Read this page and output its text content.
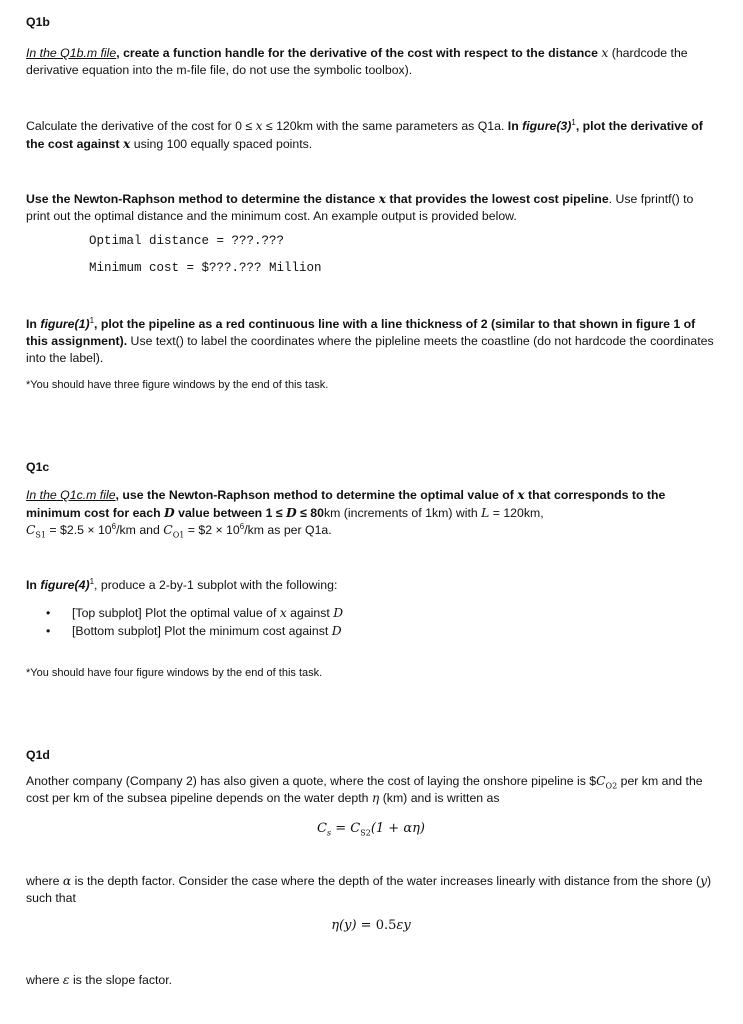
Q1b
In the Q1b.m file, create a function handle for the derivative of the cost with respect to the distance x (hardcode the derivative equation into the m-file file, do not use the symbolic toolbox).
Calculate the derivative of the cost for 0 ≤ x ≤ 120km with the same parameters as Q1a. In $figure(3)^1$, plot the derivative of the cost against x using 100 equally spaced points.
Use the Newton-Raphson method to determine the distance x that provides the lowest cost pipeline. Use fprintf() to print out the optimal distance and the minimum cost. An example output is provided below.
Optimal distance = ???.???
Minimum cost = $???.??? Million
In $figure(1)^1$, plot the pipeline as a red continuous line with a line thickness of 2 (similar to that shown in figure 1 of this assignment). Use text() to label the coordinates where the pipleline meets the coastline (do not hardcode the coordinates into the label).
*You should have three figure windows by the end of this task.
Q1c
In the Q1c.m file, use the Newton-Raphson method to determine the optimal value of x that corresponds to the minimum cost for each D value between 1 ≤ D ≤ 80km (increments of 1km) with L = 120km,
$C_{S1}$ = $2.5 × $10^6/km$ and $C_{O1}$ = $2 × $10^6/km$ as per Q1a.
In $figure(4)^1$, produce a 2-by-1 subplot with the following:
• [Top subplot] Plot the optimal value of x against D
• [Bottom subplot] Plot the minimum cost against D
*You should have four figure windows by the end of this task.
Q1d
Another company (Company 2) has also given a quote, where the cost of laying the onshore pipeline is $\$C_{O2}$ per km and the cost per km of the subsea pipeline depends on the water depth η (km) and is written as
$C_s = C_{S2}(1 + \alpha\eta)$
where α is the depth factor. Consider the case where the depth of the water increases linearly with distance from the shore (y) such that
η(y) = 0.5εy
where ε is the slope factor.
